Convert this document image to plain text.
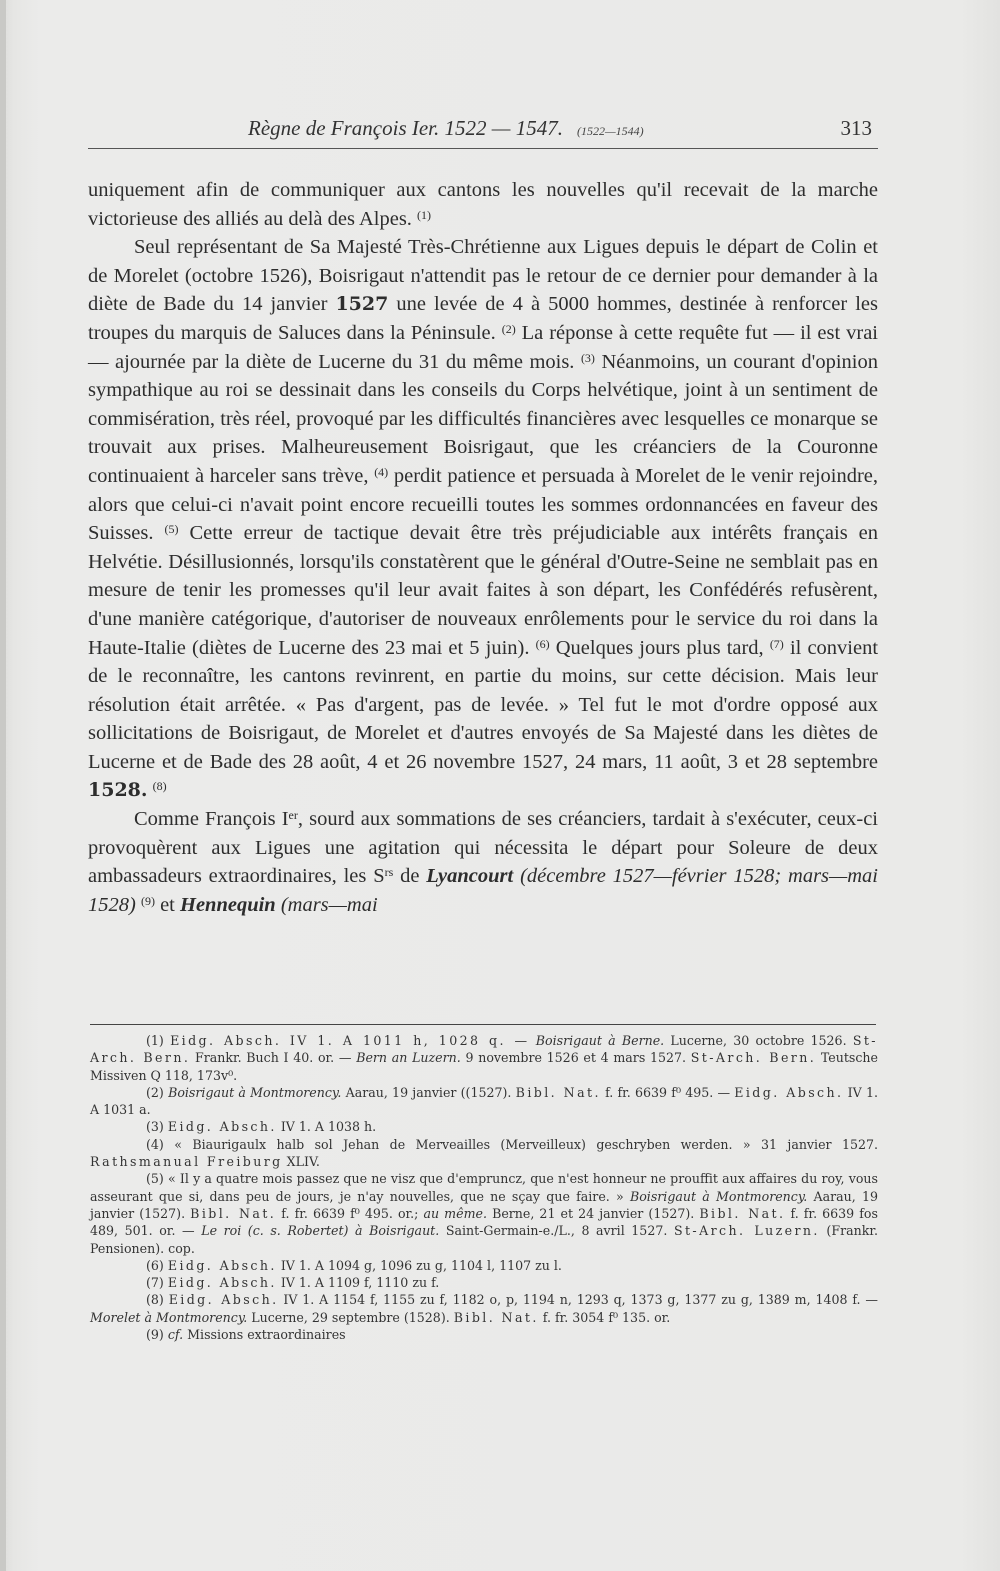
Règne de François Ier. 1522 — 1547. (1522—1544)	313

uniquement afin de communiquer aux cantons les nouvelles qu'il recevait de la marche victorieuse des alliés au delà des Alpes. $^{(1)}$

Seul représentant de Sa Majesté Très-Chrétienne aux Ligues depuis le départ de Colin et de Morelet (octobre 1526), Boisrigaut n'attendit pas le retour de ce dernier pour demander à la diète de Bade du 14 janvier 1527 une levée de 4 à 5000 hommes, destinée à renforcer les troupes du marquis de Saluces dans la Péninsule. $^{(2)}$ La réponse à cette requête fut — il est vrai — ajournée par la diète de Lucerne du 31 du même mois. $^{(3)}$ Néanmoins, un courant d'opinion sympathique au roi se dessinait dans les conseils du Corps helvétique, joint à un sentiment de commisération, très réel, provoqué par les difficultés financières avec lesquelles ce monarque se trouvait aux prises. Malheureusement Boisrigaut, que les créanciers de la Couronne continuaient à harceler sans trève, $^{(4)}$ perdit patience et persuada à Morelet de le venir rejoindre, alors que celui-ci n'avait point encore recueilli toutes les sommes ordonnancées en faveur des Suisses. $^{(5)}$ Cette erreur de tactique devait être très préjudiciable aux intérêts français en Helvétie. Désillusionnés, lorsqu'ils constatèrent que le général d'Outre-Seine ne semblait pas en mesure de tenir les promesses qu'il leur avait faites à son départ, les Confédérés refusèrent, d'une manière catégorique, d'autoriser de nouveaux enrôlements pour le service du roi dans la Haute-Italie (diètes de Lucerne des 23 mai et 5 juin). $^{(6)}$ Quelques jours plus tard, $^{(7)}$ il convient de le reconnaître, les cantons revinrent, en partie du moins, sur cette décision. Mais leur résolution était arrêtée. « Pas d'argent, pas de levée. » Tel fut le mot d'ordre opposé aux sollicitations de Boisrigaut, de Morelet et d'autres envoyés de Sa Majesté dans les diètes de Lucerne et de Bade des 28 août, 4 et 26 novembre 1527, 24 mars, 11 août, 3 et 28 septembre 1528. $^{(8)}$

Comme François Ier, sourd aux sommations de ses créanciers, tardait à s'exécuter, ceux-ci provoquèrent aux Ligues une agitation qui nécessita le départ pour Soleure de deux ambassadeurs extraordinaires, les $S^{rs}$ de Lyancourt (décembre 1527—février 1528; mars—mai 1528) $^{(9)}$ et Hennequin (mars—mai

(1) Eidg. Absch. IV 1. A 1011 h, 1028 q. — Boisrigaut à Berne. Lucerne, 30 octobre 1526. St-Arch. Bern. Frankr. Buch I 40. or. — Bern an Luzern. 9 novembre 1526 et 4 mars 1527. St-Arch. Bern. Teutsche Missiven Q 118, 173v⁰.

(2) Boisrigaut à Montmorency. Aarau, 19 janvier ((1527). Bibl. Nat. f. fr. 6639 f⁰ 495. — Eidg. Absch. IV 1. A 1031 a.

(3) Eidg. Absch. IV 1. A 1038 h.

(4) « Biaurigaulx halb sol Jehan de Merveailles (Merveilleux) geschryben werden. » 31 janvier 1527. Rathsmanual Freiburg XLIV.

(5) « Il y a quatre mois passez que ne visz que d'empruncz, que n'est honneur ne prouffit aux affaires du roy, vous asseurant que si, dans peu de jours, je n'ay nouvelles, que ne sçay que faire. » Boisrigaut à Montmorency. Aarau, 19 janvier (1527). Bibl. Nat. f. fr. 6639 f⁰ 495. or.; au même. Berne, 21 et 24 janvier (1527). Bibl. Nat. f. fr. 6639 fos 489, 501. or. — Le roi (c. s. Robertet) à Boisrigaut. Saint-Germain-e./L., 8 avril 1527. St-Arch. Luzern. (Frankr. Pensionen). cop.

(6) Eidg. Absch. IV 1. A 1094 g, 1096 zu g, 1104 l, 1107 zu l.

(7) Eidg. Absch. IV 1. A 1109 f, 1110 zu f.

(8) Eidg. Absch. IV 1. A 1154 f, 1155 zu f, 1182 o, p, 1194 n, 1293 q, 1373 g, 1377 zu g, 1389 m, 1408 f. — Morelet à Montmorency. Lucerne, 29 septembre (1528). Bibl. Nat. f. fr. 3054 f⁰ 135. or.

(9) cf. Missions extraordinaires
